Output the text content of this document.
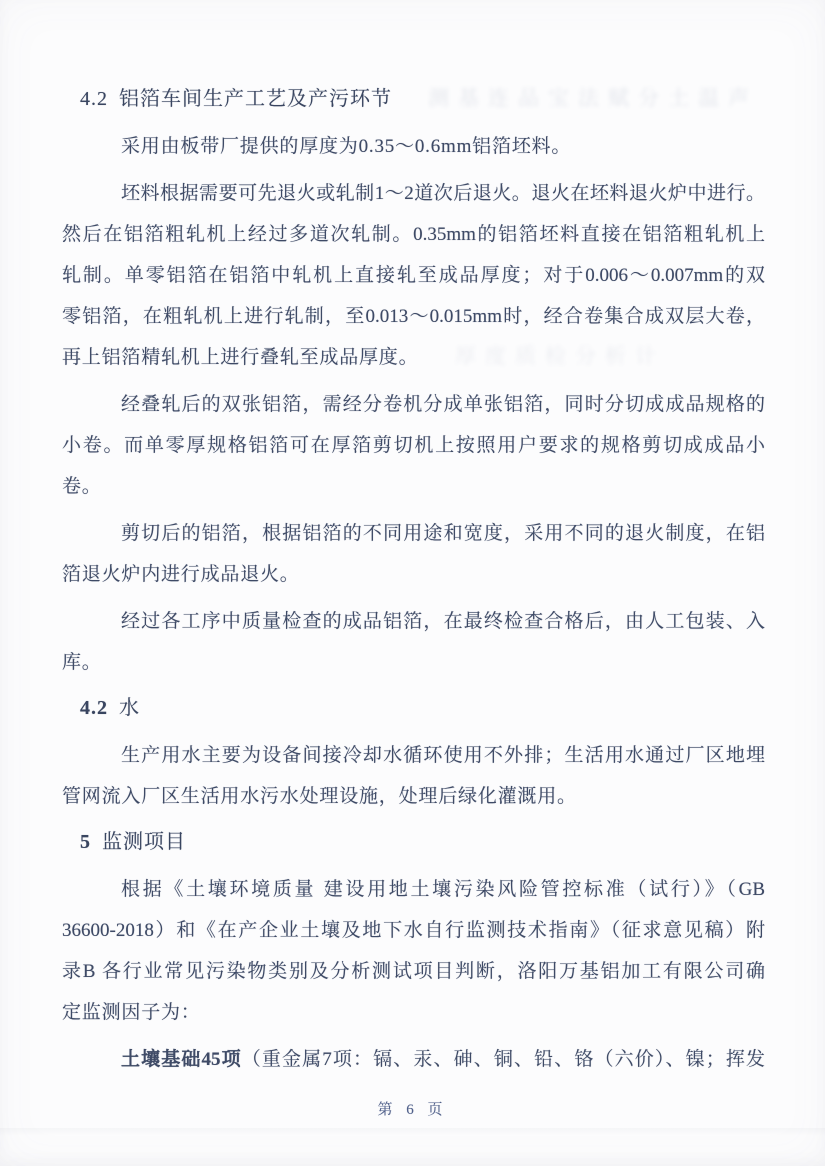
4.2 铝箔车间生产工艺及产污环节
采用由板带厂提供的厚度为0.35～0.6mm铝箔坯料。
坯料根据需要可先退火或轧制1～2道次后退火。退火在坯料退火炉中进行。
然后在铝箔粗轧机上经过多道次轧制。0.35mm的铝箔坯料直接在铝箔粗轧机上
轧制。单零铝箔在铝箔中轧机上直接轧至成品厚度；对于0.006～0.007mm的双
零铝箔，在粗轧机上进行轧制，至0.013～0.015mm时，经合卷集合成双层大卷，
再上铝箔精轧机上进行叠轧至成品厚度。
经叠轧后的双张铝箔，需经分卷机分成单张铝箔，同时分切成成品规格的
小卷。而单零厚规格铝箔可在厚箔剪切机上按照用户要求的规格剪切成成品小
卷。
剪切后的铝箔，根据铝箔的不同用途和宽度，采用不同的退火制度，在铝
箔退火炉内进行成品退火。
经过各工序中质量检查的成品铝箔，在最终检查合格后，由人工包装、入
库。
4.2 水
生产用水主要为设备间接冷却水循环使用不外排；生活用水通过厂区地埋
管网流入厂区生活用水污水处理设施，处理后绿化灌溉用。
5 监测项目
根据《土壤环境质量 建设用地土壤污染风险管控标准（试行）》（GB
36600-2018）和《在产企业土壤及地下水自行监测技术指南》（征求意见稿）附
录B 各行业常见污染物类别及分析测试项目判断，洛阳万基铝加工有限公司确
定监测因子为：
土壤基础45项（重金属7项：镉、汞、砷、铜、铅、铬（六价）、镍；挥发
第 6 页
测基连品宝法赋分土温声
厚度质检分析计
